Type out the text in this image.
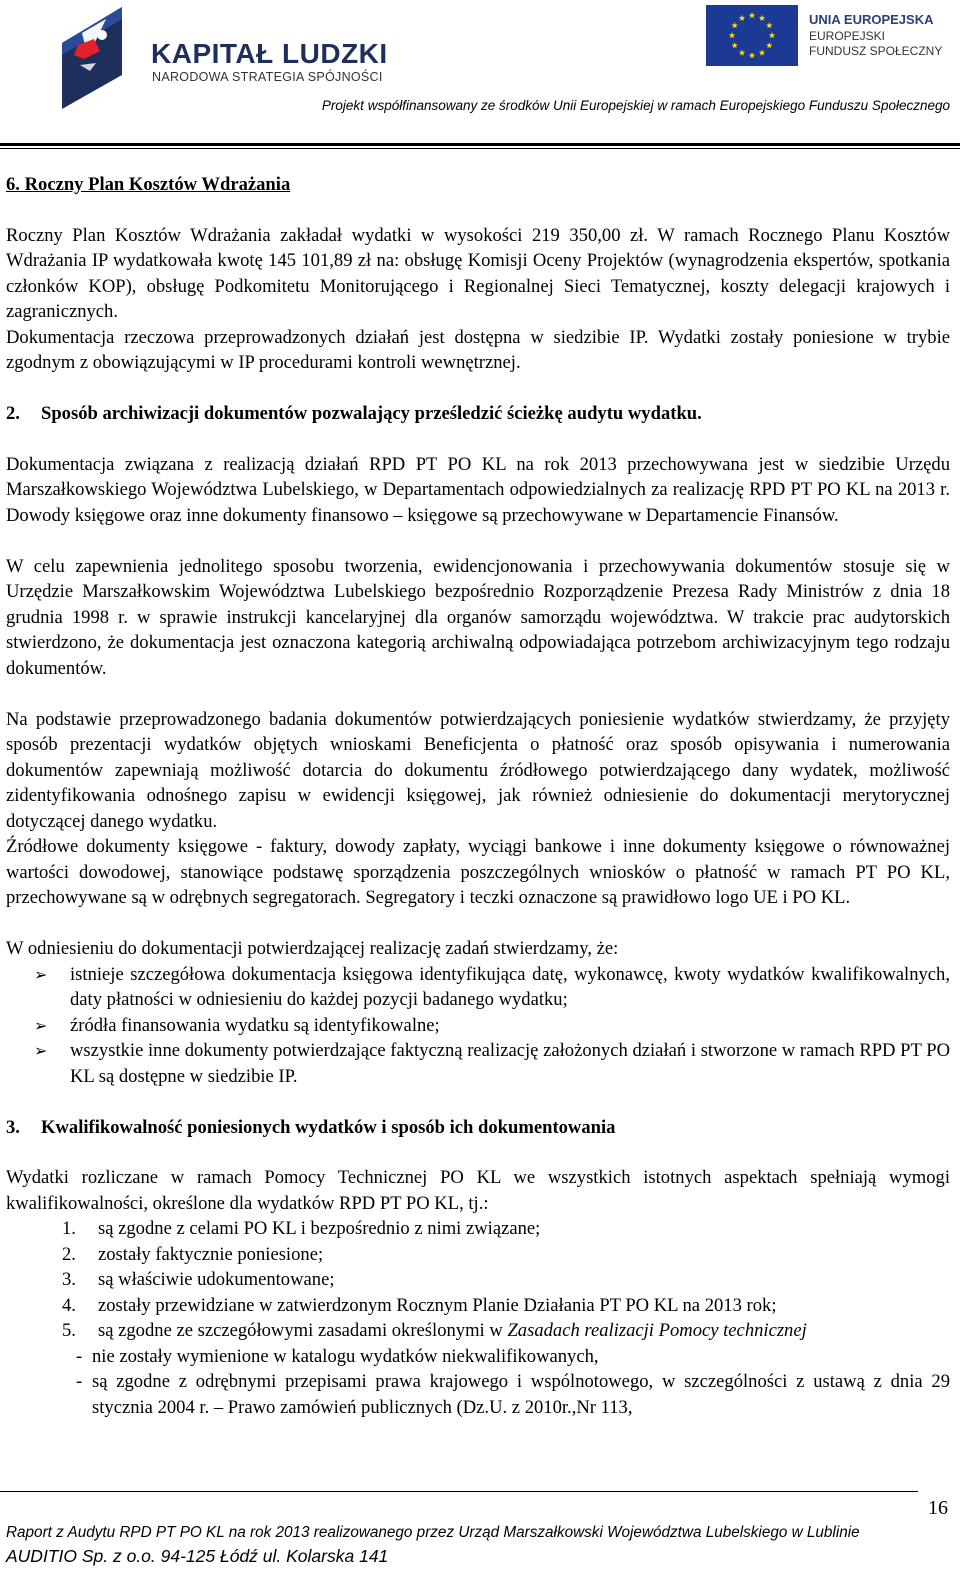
KAPITAŁ LUDZKI
NARODOWA STRATEGIA SPÓJNOŚCI
UNIA EUROPEJSKA
EUROPEJSKI
FUNDUSZ SPOŁECZNY
Projekt współfinansowany ze środków Unii Europejskiej w ramach Europejskiego Funduszu Społecznego
6. Roczny Plan Kosztów Wdrażania

Roczny Plan Kosztów Wdrażania zakładał wydatki w wysokości 219 350,00 zł. W ramach Rocznego Planu Kosztów Wdrażania IP wydatkowała kwotę 145 101,89 zł na: obsługę Komisji Oceny Projektów (wynagrodzenia ekspertów, spotkania członków KOP), obsługę Podkomitetu Monitorującego i Regionalnej Sieci Tematycznej, koszty delegacji krajowych i zagranicznych.

Dokumentacja rzeczowa przeprowadzonych działań jest dostępna w siedzibie IP. Wydatki zostały poniesione w trybie zgodnym z obowiązującymi w IP procedurami kontroli wewnętrznej.

2.	Sposób archiwizacji dokumentów pozwalający prześledzić ścieżkę audytu wydatku.

Dokumentacja związana z realizacją działań RPD PT PO KL na rok 2013 przechowywana jest w siedzibie Urzędu Marszałkowskiego Województwa Lubelskiego, w Departamentach odpowiedzialnych za realizację RPD PT PO KL na 2013 r. Dowody księgowe oraz inne dokumenty finansowo – księgowe są przechowywane w Departamencie Finansów.

W celu zapewnienia jednolitego sposobu tworzenia, ewidencjonowania i przechowywania dokumentów stosuje się w Urzędzie Marszałkowskim Województwa Lubelskiego bezpośrednio Rozporządzenie Prezesa Rady Ministrów z dnia 18 grudnia 1998 r. w sprawie instrukcji kancelaryjnej dla organów samorządu województwa. W trakcie prac audytorskich stwierdzono, że dokumentacja jest oznaczona kategorią archiwalną odpowiadająca potrzebom archiwizacyjnym tego rodzaju dokumentów.

Na podstawie przeprowadzonego badania dokumentów potwierdzających poniesienie wydatków stwierdzamy, że przyjęty sposób prezentacji wydatków objętych wnioskami Beneficjenta o płatność oraz sposób opisywania i numerowania dokumentów zapewniają możliwość dotarcia do dokumentu źródłowego potwierdzającego dany wydatek, możliwość zidentyfikowania odnośnego zapisu w ewidencji księgowej, jak również odniesienie do dokumentacji merytorycznej dotyczącej danego wydatku.

Źródłowe dokumenty księgowe - faktury, dowody zapłaty, wyciągi bankowe i inne dokumenty księgowe o równoważnej wartości dowodowej, stanowiące podstawę sporządzenia poszczególnych wniosków o płatność w ramach PT PO KL, przechowywane są w odrębnych segregatorach. Segregatory i teczki oznaczone są prawidłowo logo UE i PO KL.

W odniesieniu do dokumentacji potwierdzającej realizację zadań stwierdzamy, że:

➢ istnieje szczegółowa dokumentacja księgowa identyfikująca datę, wykonawcę, kwoty wydatków kwalifikowalnych, daty płatności w odniesieniu do każdej pozycji badanego wydatku;
➢ źródła finansowania wydatku są identyfikowalne;
➢ wszystkie inne dokumenty potwierdzające faktyczną realizację założonych działań i stworzone w ramach RPD PT PO KL są dostępne w siedzibie IP.
3.	Kwalifikowalność poniesionych wydatków i sposób ich dokumentowania

Wydatki rozliczane w ramach Pomocy Technicznej PO KL we wszystkich istotnych aspektach spełniają wymogi kwalifikowalności, określone dla wydatków RPD PT PO KL, tj.:

1.	są zgodne z celami PO KL i bezpośrednio z nimi związane;
2.	zostały faktycznie poniesione;
3.	są właściwie udokumentowane;
4.	zostały przewidziane w zatwierdzonym Rocznym Planie Działania PT PO KL na 2013 rok;
5.	są zgodne ze szczegółowymi zasadami określonymi w Zasadach realizacji Pomocy technicznej
- nie zostały wymienione w katalogu wydatków niekwalifikowanych,
- są zgodne z odrębnymi przepisami prawa krajowego i wspólnotowego, w szczególności z ustawą z dnia 29 stycznia 2004 r. – Prawo zamówień publicznych (Dz.U. z 2010r.,Nr 113,
16
Raport z Audytu RPD PT PO KL na rok 2013 realizowanego przez Urząd Marszałkowski Województwa Lubelskiego w Lublinie
AUDITIO Sp. z o.o. 94-125 Łódź ul. Kolarska 141
